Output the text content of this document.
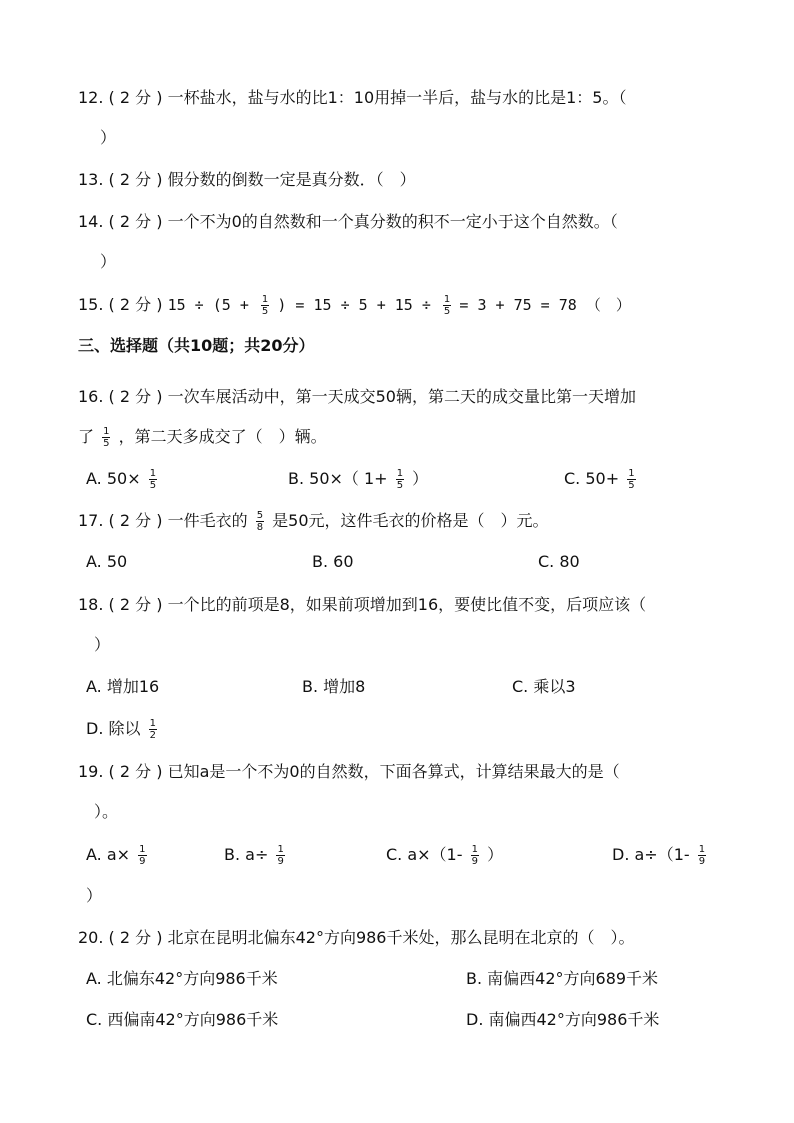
12. ( 2 分 ) 一杯盐水，盐与水的比1：10用掉一半后，盐与水的比是1：5。（
）
13. ( 2 分 ) 假分数的倒数一定是真分数．（　）
14. ( 2 分 ) 一个不为0的自然数和一个真分数的积不一定小于这个自然数。（
）
15. ( 2 分 ) $15 \div (5 + \frac{1}{5}$ ) = $15 \div 5 + 15 \div \frac{1}{5} = 3 + 75 = 78$ （　）
三、选择题（共10题；共20分）
16. ( 2 分 ) 一次车展活动中，第一天成交50辆，第二天的成交量比第一天增加
了 $\frac{1}{5}$ ，第二天多成交了（　）辆。
A. $50\times \frac{1}{5}$	B. 50×（ $1+ \frac{1}{5}$ ）	C. $50+ \frac{1}{5}$
17. ( 2 分 ) 一件毛衣的 $\frac{5}{8}$ 是50元，这件毛衣的价格是（　）元。
A. 50	B. 60	C. 80
18. ( 2 分 ) 一个比的前项是8，如果前项增加到16，要使比值不变，后项应该（
）
A. 增加16	B. 增加8	C. 乘以3
D. 除以 $\frac{1}{2}$
19. ( 2 分 ) 已知a是一个不为0的自然数，下面各算式，计算结果最大的是（
）。
A. $a\times \frac{1}{9}$	B. $a\div \frac{1}{9}$	C. $a\times(1- \frac{1}{9}$ ）	D. $a\div(1- \frac{1}{9}$
）
20. ( 2 分 ) 北京在昆明北偏东42°方向986千米处，那么昆明在北京的（　）。
A. 北偏东42°方向986千米	B. 南偏西42°方向689千米
C. 西偏南42°方向986千米	D. 南偏西42°方向986千米
